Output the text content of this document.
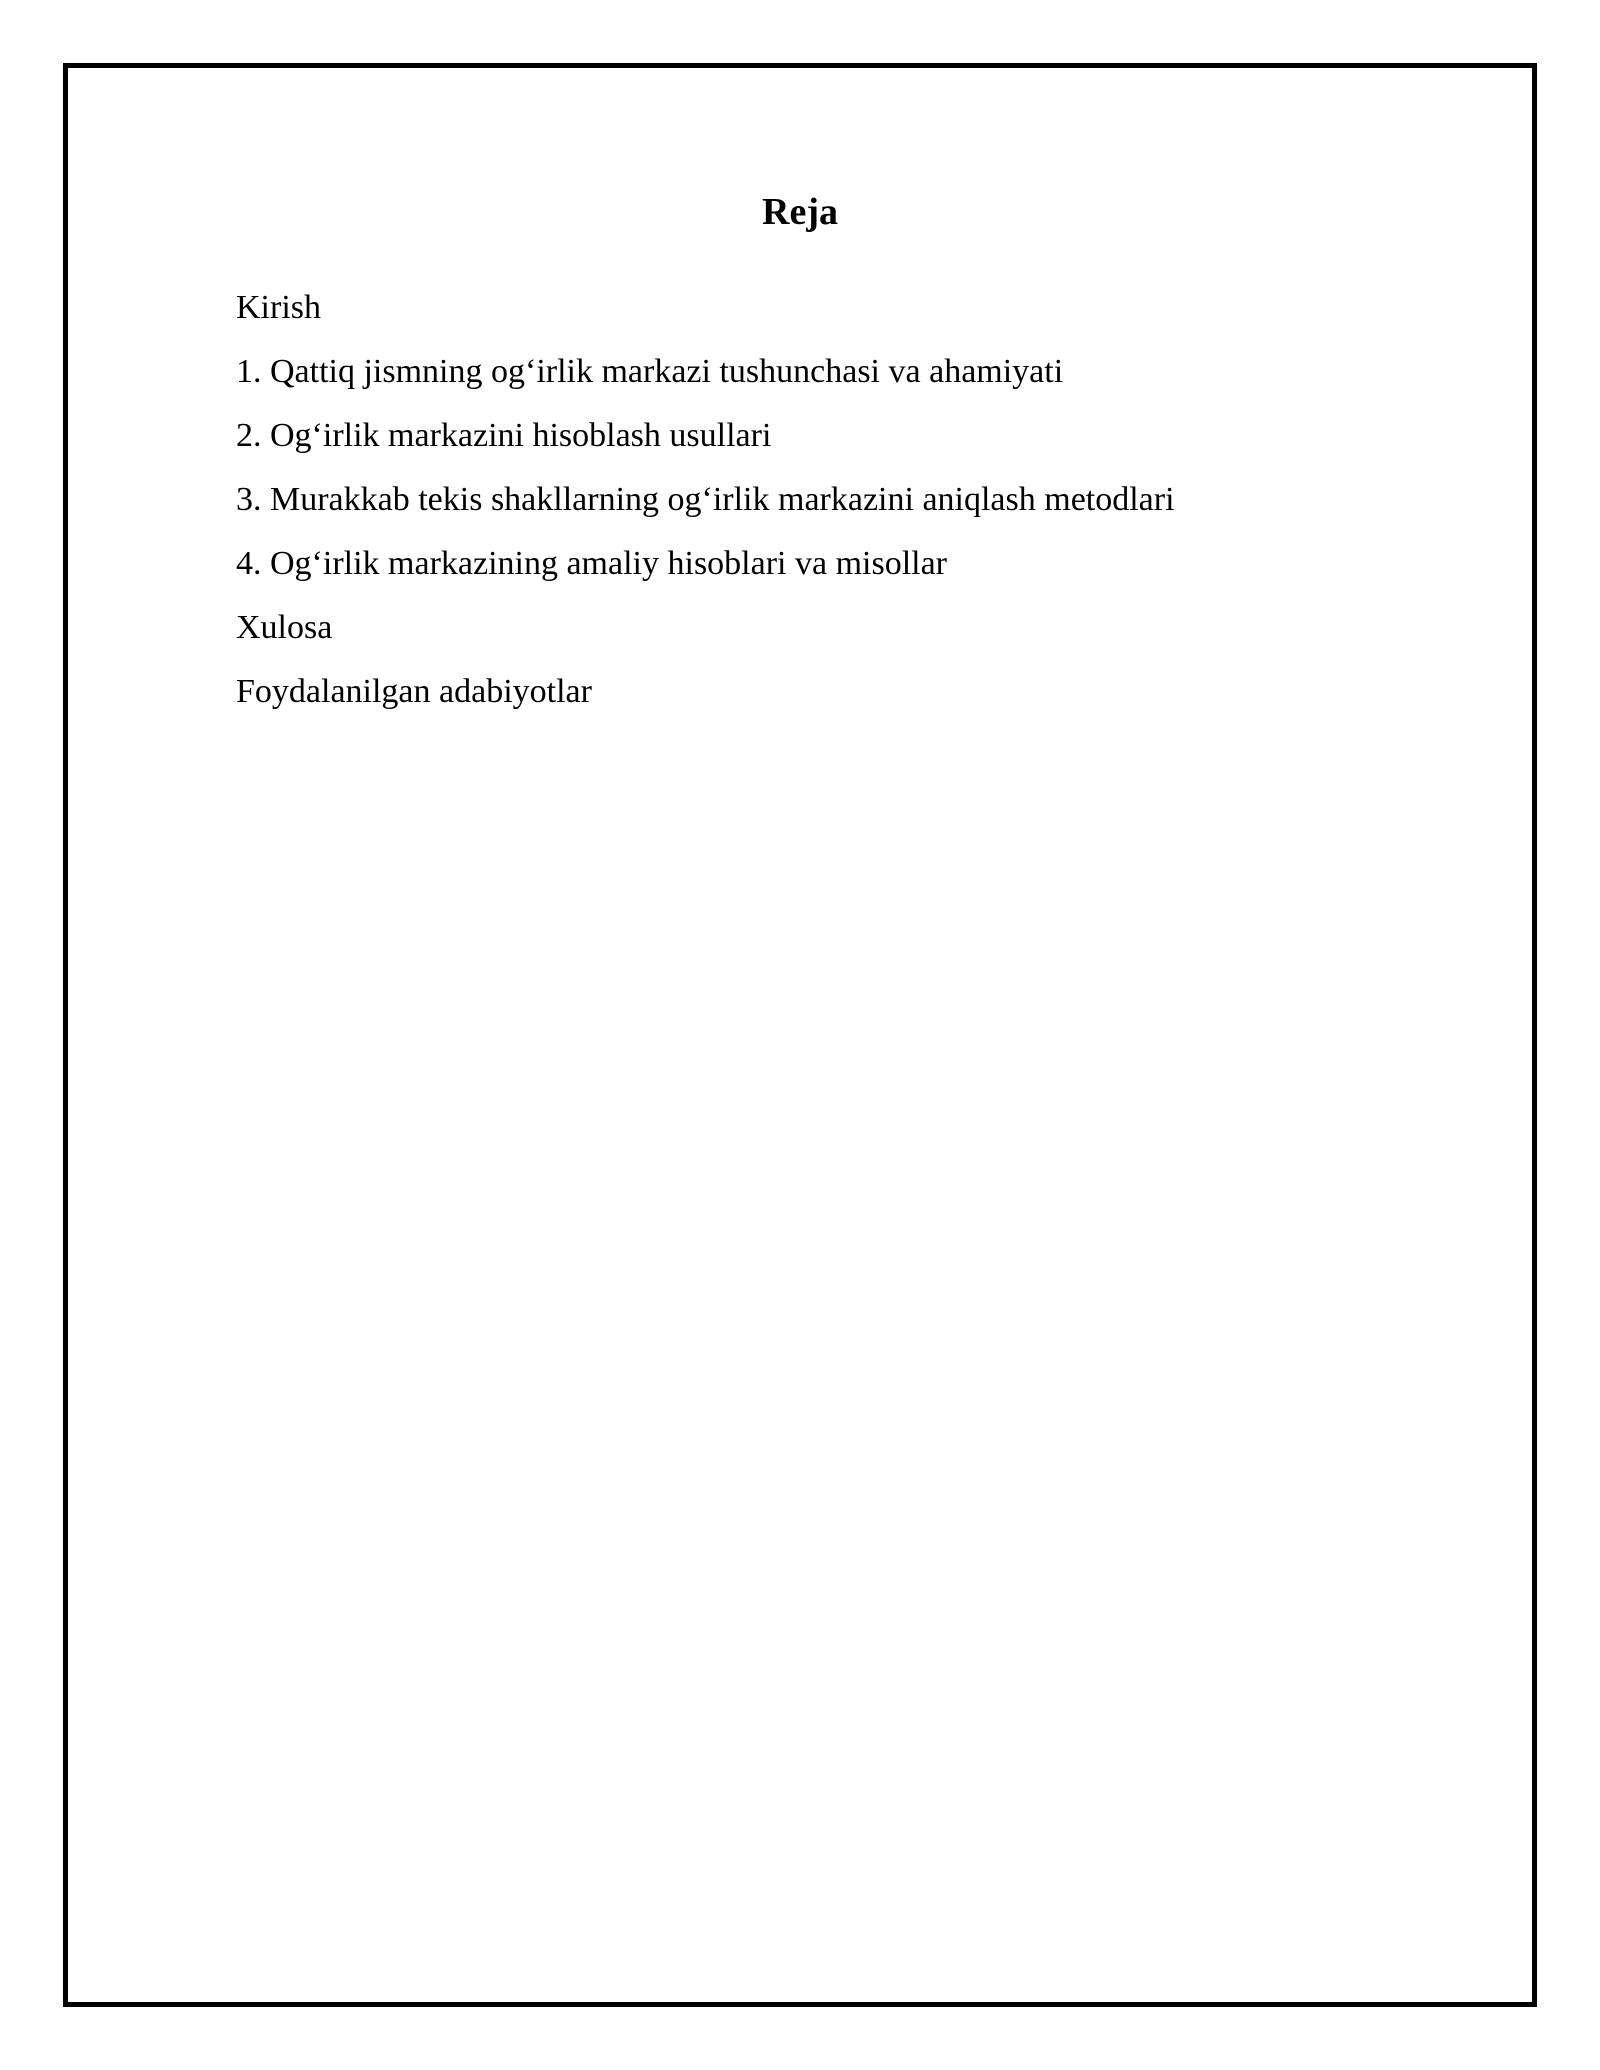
Reja
Kirish
1. Qattiq jismning og‘irlik markazi tushunchasi va ahamiyati
2. Og‘irlik markazini hisoblash usullari
3. Murakkab tekis shakllarning og‘irlik markazini aniqlash metodlari
4. Og‘irlik markazining amaliy hisoblari va misollar
Xulosa
Foydalanilgan adabiyotlar
